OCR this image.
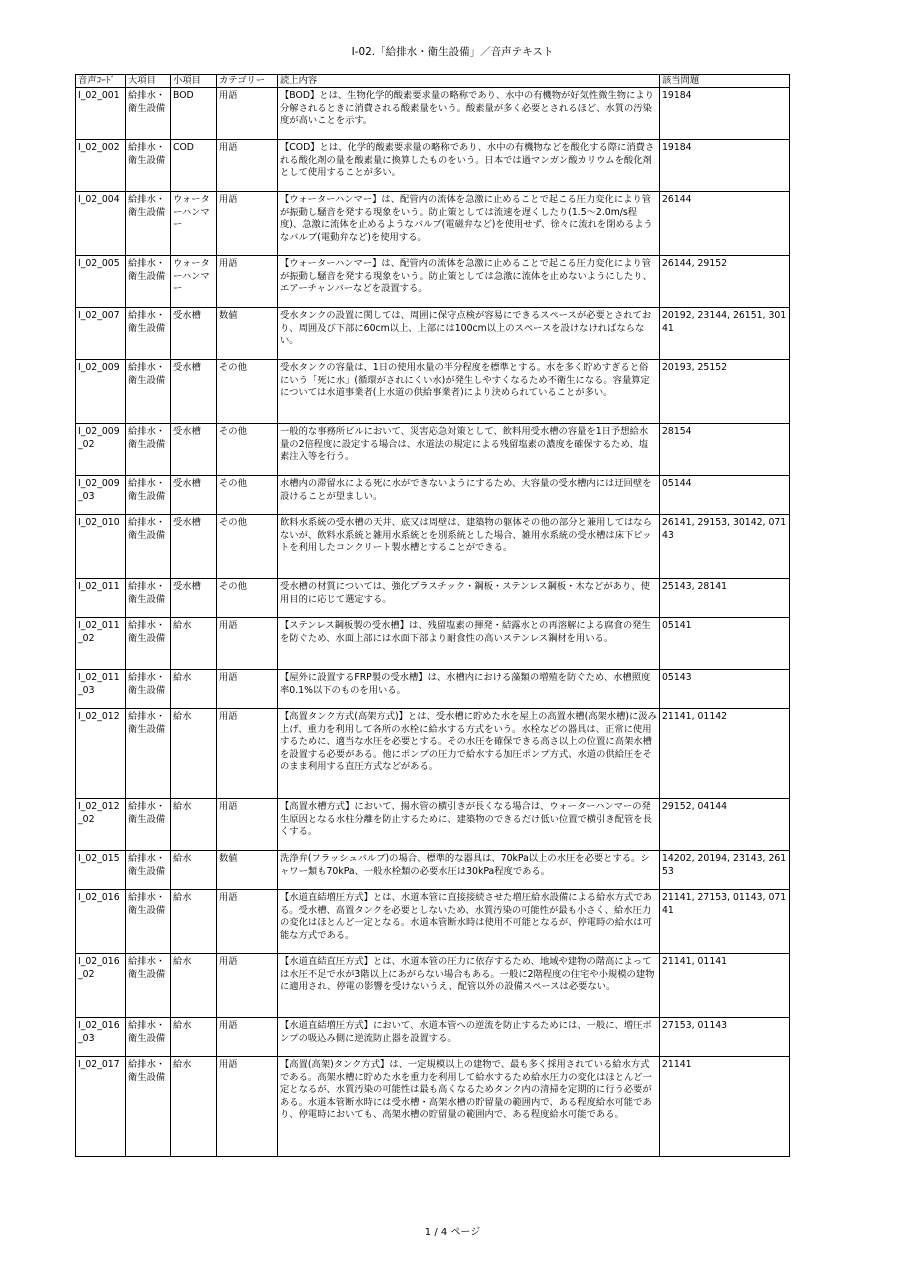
I-02.「給排水・衛生設備」／音声テキスト
音声ｺｰﾄﾞ	大項目	小項目	カテゴリー	読上内容	該当問題
I_02_001	給排水・衛生設備	BOD	用語	【BOD】とは、生物化学的酸素要求量の略称であり、水中の有機物が好気性微生物により分解されるときに消費される酸素量をいう。酸素量が多く必要とされるほど、水質の汚染度が高いことを示す。	19184
I_02_002	給排水・衛生設備	COD	用語	【COD】とは、化学的酸素要求量の略称であり、水中の有機物などを酸化する際に消費される酸化剤の量を酸素量に換算したものをいう。日本では過マンガン酸カリウムを酸化剤として使用することが多い。	19184
I_02_004	給排水・衛生設備	ウォーターハンマー	用語	【ウォーターハンマー】は、配管内の流体を急激に止めることで起こる圧力変化により管が振動し騒音を発する現象をいう。防止策としては流速を遅くしたり(1.5～2.0m/s程度)、急激に流体を止めるようなバルブ(電磁弁など)を使用せず、徐々に流れを閉めるようなバルブ(電動弁など)を使用する。	26144
I_02_005	給排水・衛生設備	ウォーターハンマー	用語	【ウォーターハンマー】は、配管内の流体を急激に止めることで起こる圧力変化により管が振動し騒音を発する現象をいう。防止策としては急激に流体を止めないようにしたり、エアーチャンバーなどを設置する。	26144, 29152
I_02_007	給排水・衛生設備	受水槽	数値	受水タンクの設置に関しては、周囲に保守点検が容易にできるスペースが必要とされており、周囲及び下部に60cm以上、上部には100cm以上のスペースを設けなければならない。	20192, 23144, 26151, 30141
I_02_009	給排水・衛生設備	受水槽	その他	受水タンクの容量は、1日の使用水量の半分程度を標準とする。水を多く貯めすぎると俗にいう「死に水」(循環がされにくい水)が発生しやすくなるため不衛生になる。容量算定については水道事業者(上水道の供給事業者)により決められていることが多い。	20193, 25152
I_02_009_02	給排水・衛生設備	受水槽	その他	一般的な事務所ビルにおいて、災害応急対策として、飲料用受水槽の容量を1日予想給水量の2倍程度に設定する場合は、水道法の規定による残留塩素の濃度を確保するため、塩素注入等を行う。	28154
I_02_009_03	給排水・衛生設備	受水槽	その他	水槽内の滞留水による死に水ができないようにするため、大容量の受水槽内には迂回壁を設けることが望ましい。	05144
I_02_010	給排水・衛生設備	受水槽	その他	飲料水系統の受水槽の天井、底又は周壁は、建築物の躯体その他の部分と兼用してはならないが、飲料水系統と雑用水系統とを別系統とした場合、雑用水系統の受水槽は床下ピットを利用したコンクリート製水槽とすることができる。	26141, 29153, 30142, 07143
I_02_011	給排水・衛生設備	受水槽	その他	受水槽の材質については、強化プラスチック・鋼板・ステンレス鋼板・木などがあり、使用目的に応じて選定する。	25143, 28141
I_02_011_02	給排水・衛生設備	給水	用語	【ステンレス鋼板製の受水槽】は、残留塩素の揮発・結露水との再溶解による腐食の発生を防ぐため、水面上部には水面下部より耐食性の高いステンレス鋼材を用いる。	05141
I_02_011_03	給排水・衛生設備	給水	用語	【屋外に設置するFRP製の受水槽】は、水槽内における藻類の増殖を防ぐため、水槽照度率0.1%以下のものを用いる。	05143
I_02_012	給排水・衛生設備	給水	用語	【高置タンク方式(高架方式)】とは、受水槽に貯めた水を屋上の高置水槽(高架水槽)に汲み上げ、重力を利用して各所の水栓に給水する方式をいう。水栓などの器具は、正常に使用するために、適当な水圧を必要とする。その水圧を確保できる高さ以上の位置に高架水槽を設置する必要がある。他にポンプの圧力で給水する加圧ポンプ方式、水道の供給圧をそのまま利用する直圧方式などがある。	21141, 01142
I_02_012_02	給排水・衛生設備	給水	用語	【高置水槽方式】において、揚水管の横引きが長くなる場合は、ウォーターハンマーの発生原因となる水柱分離を防止するために、建築物のできるだけ低い位置で横引き配管を長くする。	29152, 04144
I_02_015	給排水・衛生設備	給水	数値	洗浄弁(フラッシュバルブ)の場合、標準的な器具は、70kPa以上の水圧を必要とする。シャワー類も70kPa、一般水栓類の必要水圧は30kPa程度である。	14202, 20194, 23143, 26153
I_02_016	給排水・衛生設備	給水	用語	【水道直結増圧方式】とは、水道本管に直接接続させた増圧給水設備による給水方式である。受水槽、高置タンクを必要としないため、水質汚染の可能性が最も小さく、給水圧力の変化はほとんど一定となる。水道本管断水時は使用不可能となるが、停電時の給水は可能な方式である。	21141, 27153, 01143, 07141
I_02_016_02	給排水・衛生設備	給水	用語	【水道直結直圧方式】とは、水道本管の圧力に依存するため、地域や建物の階高によっては水圧不足で水が3階以上にあがらない場合もある。一般に2階程度の住宅や小規模の建物に適用され、停電の影響を受けないうえ、配管以外の設備スペースは必要ない。	21141, 01141
I_02_016_03	給排水・衛生設備	給水	用語	【水道直結増圧方式】において、水道本管への逆流を防止するためには、一般に、増圧ポンプの吸込み側に逆流防止器を設置する。	27153, 01143
I_02_017	給排水・衛生設備	給水	用語	【高置(高架)タンク方式】は、一定規模以上の建物で、最も多く採用されている給水方式である。高架水槽に貯めた水を重力を利用して給水するため給水圧力の変化はほとんど一定となるが、水質汚染の可能性は最も高くなるためタンク内の清掃を定期的に行う必要がある。水道本管断水時には受水槽・高架水槽の貯留量の範囲内で、ある程度給水可能であり、停電時においても、高架水槽の貯留量の範囲内で、ある程度給水可能である。	21141
1 / 4 ページ
